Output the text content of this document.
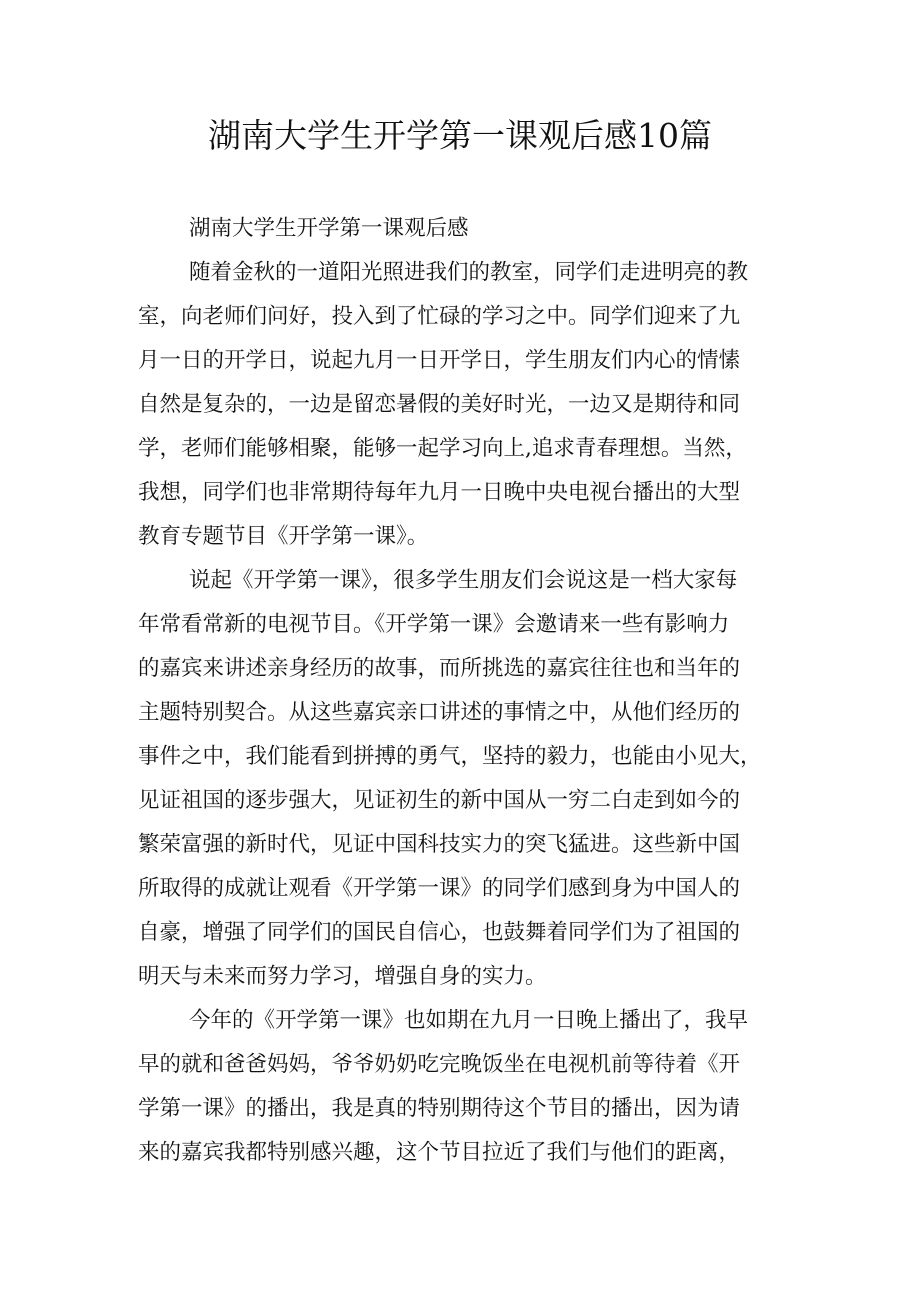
湖南大学生开学第一课观后感10篇
湖南大学生开学第一课观后感
随着金秋的一道阳光照进我们的教室，同学们走进明亮的教
室，向老师们问好，投入到了忙碌的学习之中。同学们迎来了九
月一日的开学日，说起九月一日开学日，学生朋友们内心的情愫
自然是复杂的，一边是留恋暑假的美好时光，一边又是期待和同
学，老师们能够相聚，能够一起学习向上,追求青春理想。当然，
我想，同学们也非常期待每年九月一日晚中央电视台播出的大型
教育专题节目《开学第一课》。
说起《开学第一课》，很多学生朋友们会说这是一档大家每
年常看常新的电视节目。《开学第一课》会邀请来一些有影响力
的嘉宾来讲述亲身经历的故事，而所挑选的嘉宾往往也和当年的
主题特别契合。从这些嘉宾亲口讲述的事情之中，从他们经历的
事件之中，我们能看到拼搏的勇气，坚持的毅力，也能由小见大，
见证祖国的逐步强大，见证初生的新中国从一穷二白走到如今的
繁荣富强的新时代，见证中国科技实力的突飞猛进。这些新中国
所取得的成就让观看《开学第一课》的同学们感到身为中国人的
自豪，增强了同学们的国民自信心，也鼓舞着同学们为了祖国的
明天与未来而努力学习，增强自身的实力。
今年的《开学第一课》也如期在九月一日晚上播出了，我早
早的就和爸爸妈妈，爷爷奶奶吃完晚饭坐在电视机前等待着《开
学第一课》的播出，我是真的特别期待这个节目的播出，因为请
来的嘉宾我都特别感兴趣，这个节目拉近了我们与他们的距离，
